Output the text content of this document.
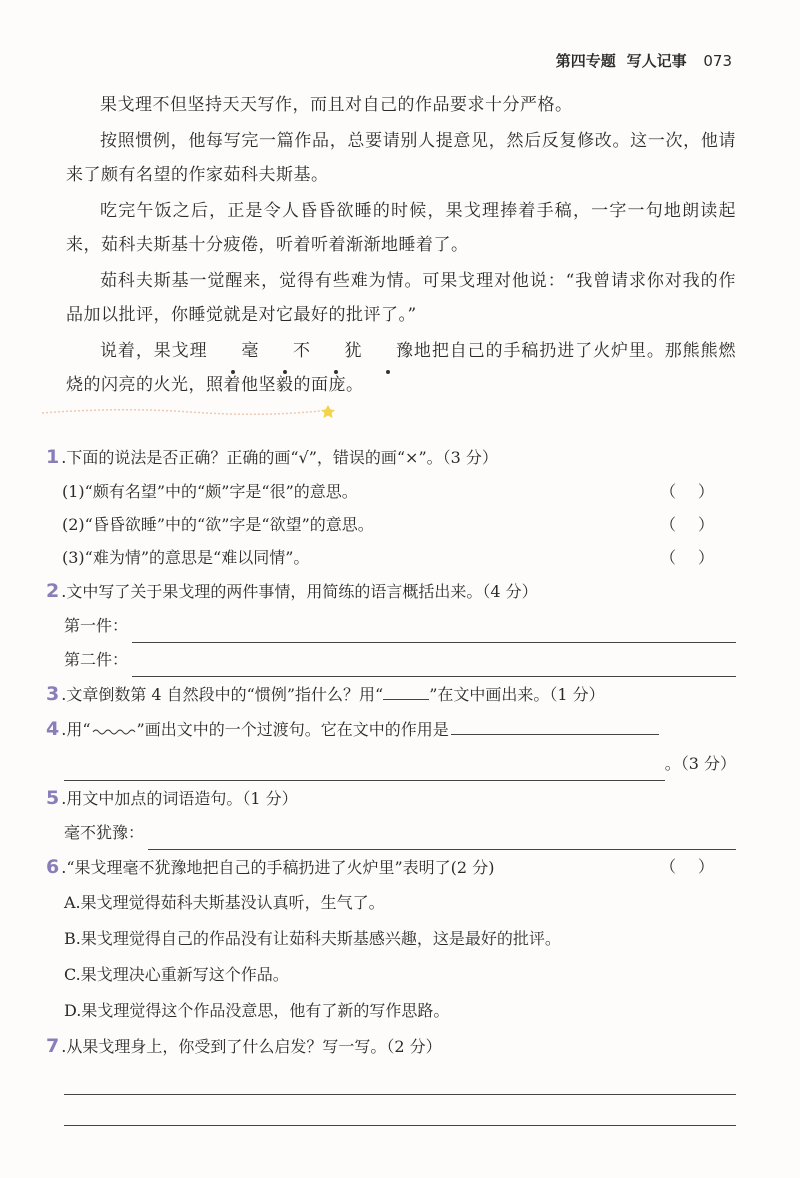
第四专题 写人记事 073

果戈理不但坚持天天写作，而且对自己的作品要求十分严格。

按照惯例，他每写完一篇作品，总要请别人提意见，然后反复修改。这一次，他请来了颇有名望的作家茹科夫斯基。

吃完午饭之后，正是令人昏昏欲睡的时候，果戈理捧着手稿，一字一句地朗读起来，茹科夫斯基十分疲倦，听着听着渐渐地睡着了。

茹科夫斯基一觉醒来，觉得有些难为情。可果戈理对他说：“我曾请求你对我的作品加以批评，你睡觉就是对它最好的批评了。”

说着，果戈理 毫 不 犹 豫地把自己的手稿扔进了火炉里。那熊熊燃烧的闪亮的火光，照着他坚毅的面庞。

1 .下面的说法是否正确？正确的画“√”，错误的画“×”。（3 分）
(1)“颇有名望”中的“颇”字是“很”的意思。	（）
(2)“昏昏欲睡”中的“欲”字是“欲望”的意思。	（）
(3)“难为情”的意思是“难以同情”。	（）
2 .文中写了关于果戈理的两件事情，用简练的语言概括出来。（4 分）
第一件：
第二件：
3 .文章倒数第 4 自然段中的“惯例”指什么？用“	”在文中画出来。（1 分）
4 .用“	”画出文中的一个过渡句。它在文中的作用是
。（3 分）
5 .用文中加点的词语造句。（1 分）
毫不犹豫：
6 .“果戈理毫不犹豫地把自己的手稿扔进了火炉里”表明了(2 分)	（）
A.果戈理觉得茹科夫斯基没认真听，生气了。
B.果戈理觉得自己的作品没有让茹科夫斯基感兴趣，这是最好的批评。
C.果戈理决心重新写这个作品。
D.果戈理觉得这个作品没意思，他有了新的写作思路。
7 .从果戈理身上，你受到了什么启发？写一写。（2 分）
